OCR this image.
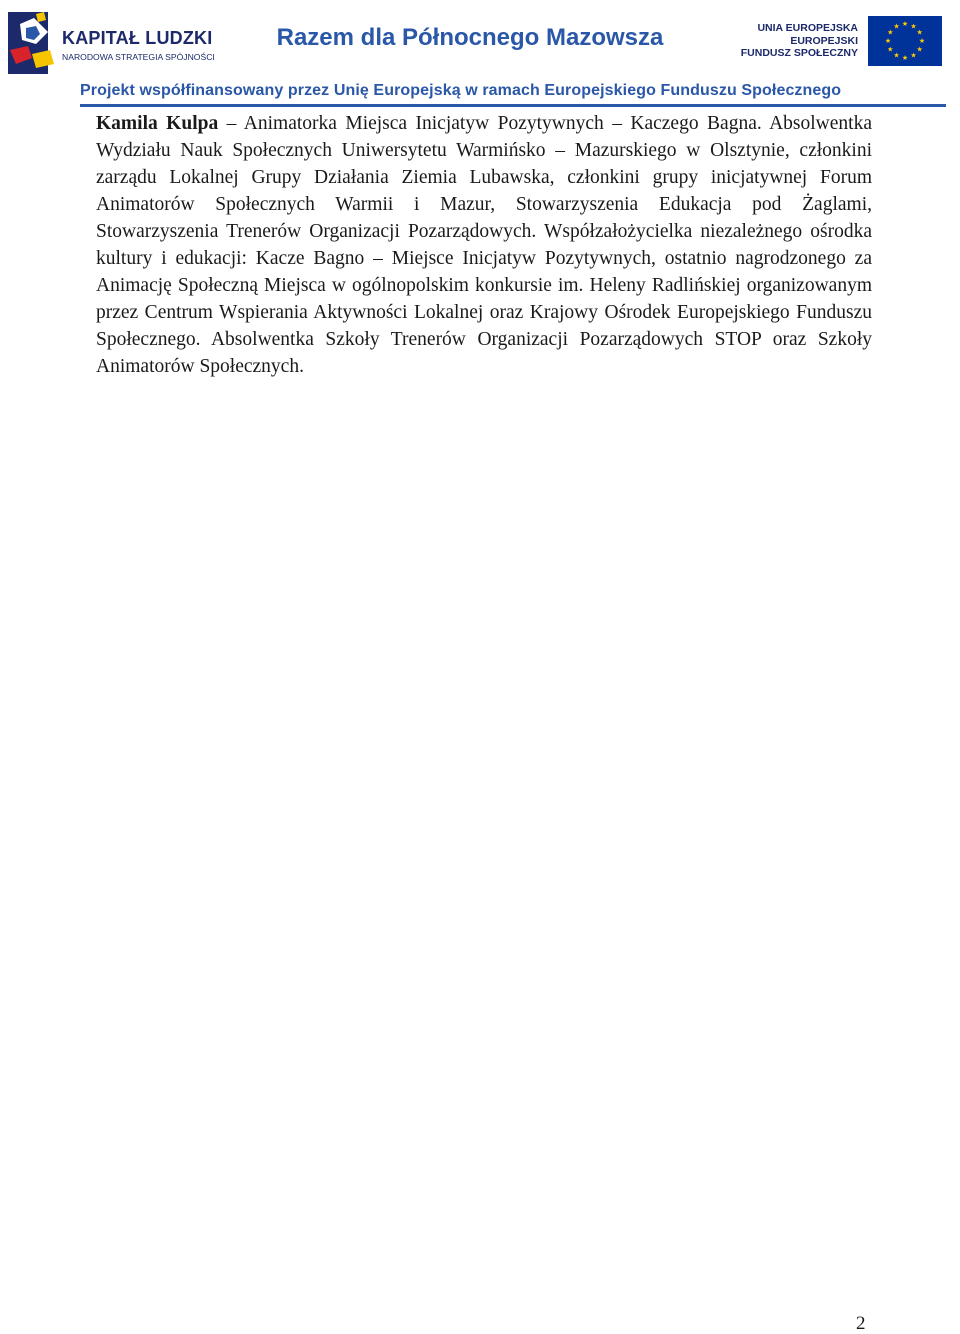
KAPITAŁ LUDZKI
NARODOWA STRATEGIA SPÓJNOŚCI
Razem dla Północnego Mazowsza	UNIA EUROPEJSKA
EUROPEJSKI
FUNDUSZ SPOŁECZNY
★ ★
★
★
★
★
★
★
★
★
★
★
Projekt współfinansowany przez Unię Europejską w ramach Europejskiego Funduszu Społecznego

Kamila Kulpa – Animatorka Miejsca Inicjatyw Pozytywnych – Kaczego Bagna. Absolwentka Wydziału Nauk Społecznych Uniwersytetu Warmińsko – Mazurskiego w Olsztynie, członkini zarządu Lokalnej Grupy Działania Ziemia Lubawska, członkini grupy inicjatywnej Forum Animatorów Społecznych Warmii i Mazur, Stowarzyszenia Edukacja pod Żaglami, Stowarzyszenia Trenerów Organizacji Pozarządowych. Współzałożycielka niezależnego ośrodka kultury i edukacji: Kacze Bagno – Miejsce Inicjatyw Pozytywnych, ostatnio nagrodzonego za Animację Społeczną Miejsca w ogólnopolskim konkursie im. Heleny Radlińskiej organizowanym przez Centrum Wspierania Aktywności Lokalnej oraz Krajowy Ośrodek Europejskiego Funduszu Społecznego. Absolwentka Szkoły Trenerów Organizacji Pozarządowych STOP oraz Szkoły Animatorów Społecznych.

2
